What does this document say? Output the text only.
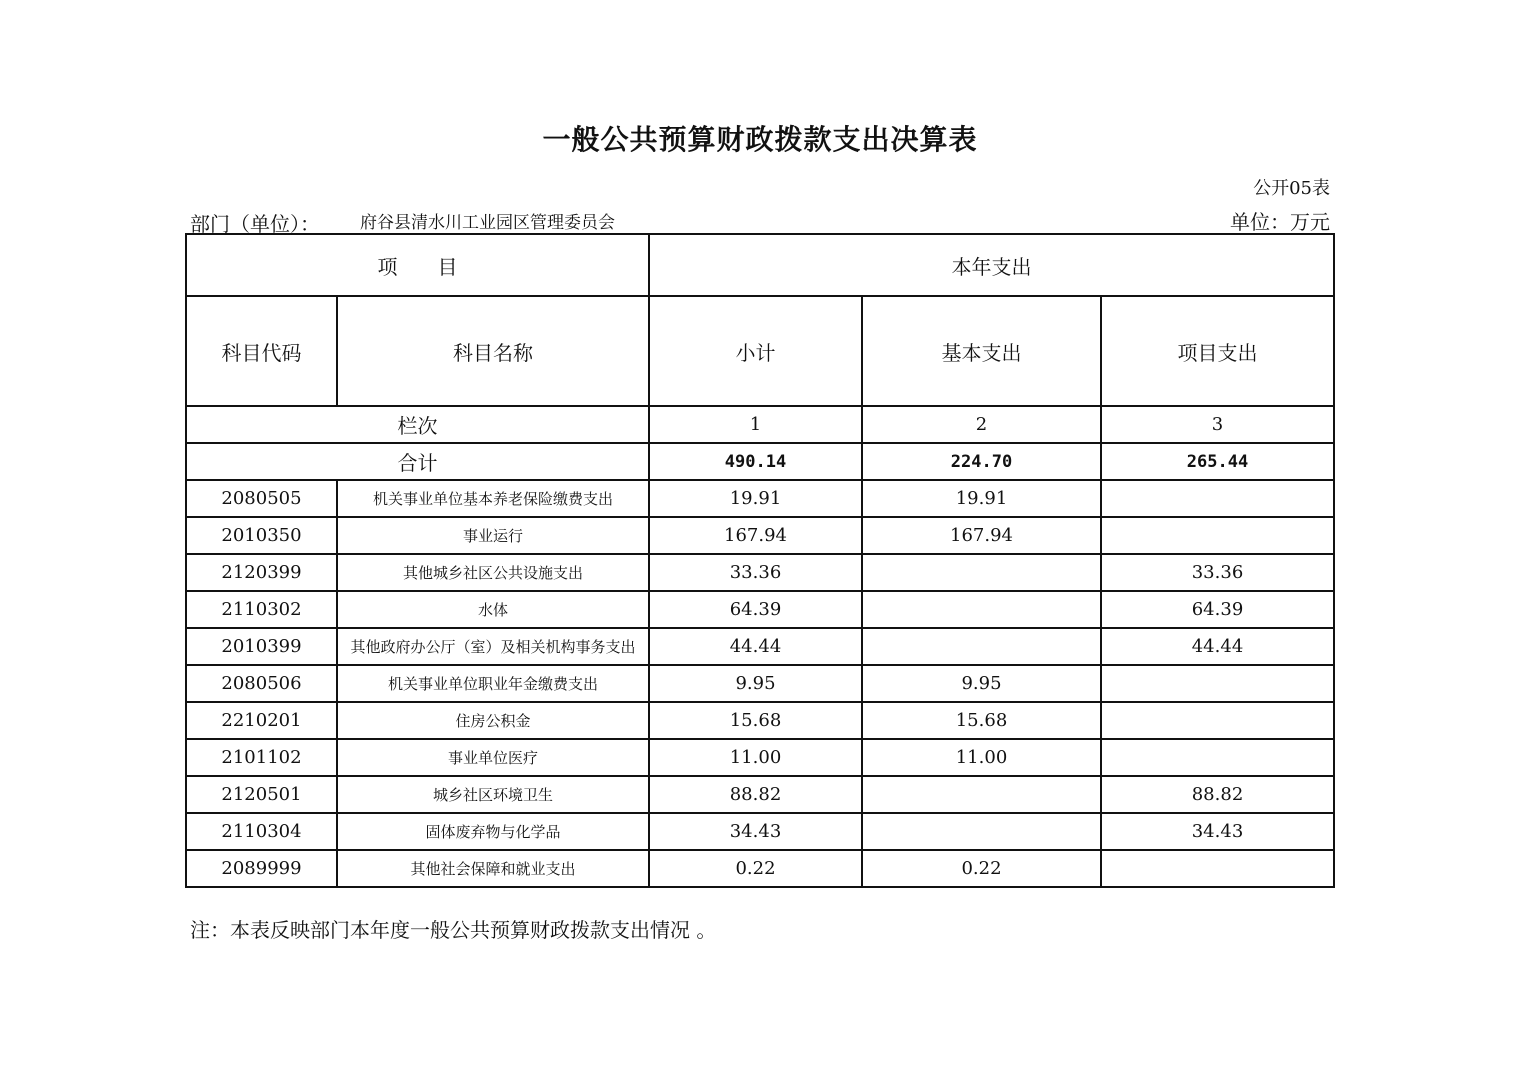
一般公共预算财政拨款支出决算表
公开05表
部门（单位）： 府谷县清水川工业园区管理委员会	单位：万元
项　　目		本年支出		
科目代码	科目名称	小计	基本支出	项目支出
栏次		1	2	3
合计		490.14	224.70	265.44
2080505	机关事业单位基本养老保险缴费支出	19.91	19.91	
2010350	事业运行	167.94	167.94	
2120399	其他城乡社区公共设施支出	33.36		33.36
2110302	水体	64.39		64.39
2010399	其他政府办公厅（室）及相关机构事务支出	44.44		44.44
2080506	机关事业单位职业年金缴费支出	9.95	9.95	
2210201	住房公积金	15.68	15.68	
2101102	事业单位医疗	11.00	11.00	
2120501	城乡社区环境卫生	88.82		88.82
2110304	固体废弃物与化学品	34.43		34.43
2089999	其他社会保障和就业支出	0.22	0.22	
注：本表反映部门本年度一般公共预算财政拨款支出情况 。
